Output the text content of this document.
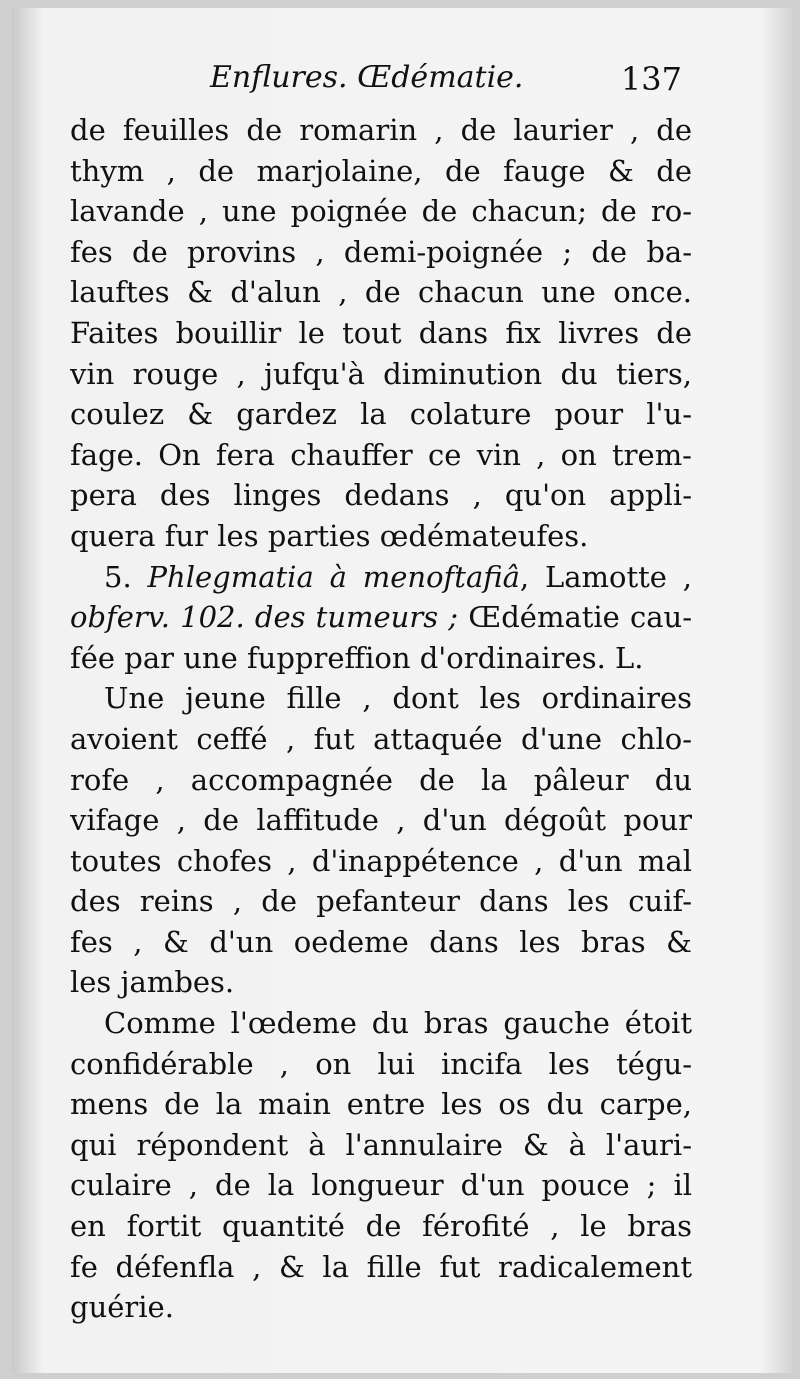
Enflures. Œdématie.	137
de feuilles de romarin , de laurier , de
thym , de marjolaine, de fauge & de
lavande , une poignée de chacun; de ro-
fes de provins , demi-poignée ; de ba-
lauftes & d'alun , de chacun une once.
Faites bouillir le tout dans fix livres de
vin rouge , jufqu'à diminution du tiers,
coulez & gardez la colature pour l'u-
fage. On fera chauffer ce vin , on trem-
pera des linges dedans , qu'on appli-
quera fur les parties œdémateufes.
5. Phlegmatia à menoftafiâ, Lamotte ,
obferv. 102. des tumeurs ; Œdématie cau-
fée par une fuppreffion d'ordinaires. L.
Une jeune fille , dont les ordinaires
avoient ceffé , fut attaquée d'une chlo-
rofe , accompagnée de la pâleur du
vifage , de laffitude , d'un dégoût pour
toutes chofes , d'inappétence , d'un mal
des reins , de pefanteur dans les cuif-
fes , & d'un oedeme dans les bras &
les jambes.
Comme l'œdeme du bras gauche étoit
confidérable , on lui incifa les tégu-
mens de la main entre les os du carpe,
qui répondent à l'annulaire & à l'auri-
culaire , de la longueur d'un pouce ; il
en fortit quantité de férofité , le bras
fe défenfla , & la fille fut radicalement
guérie.
